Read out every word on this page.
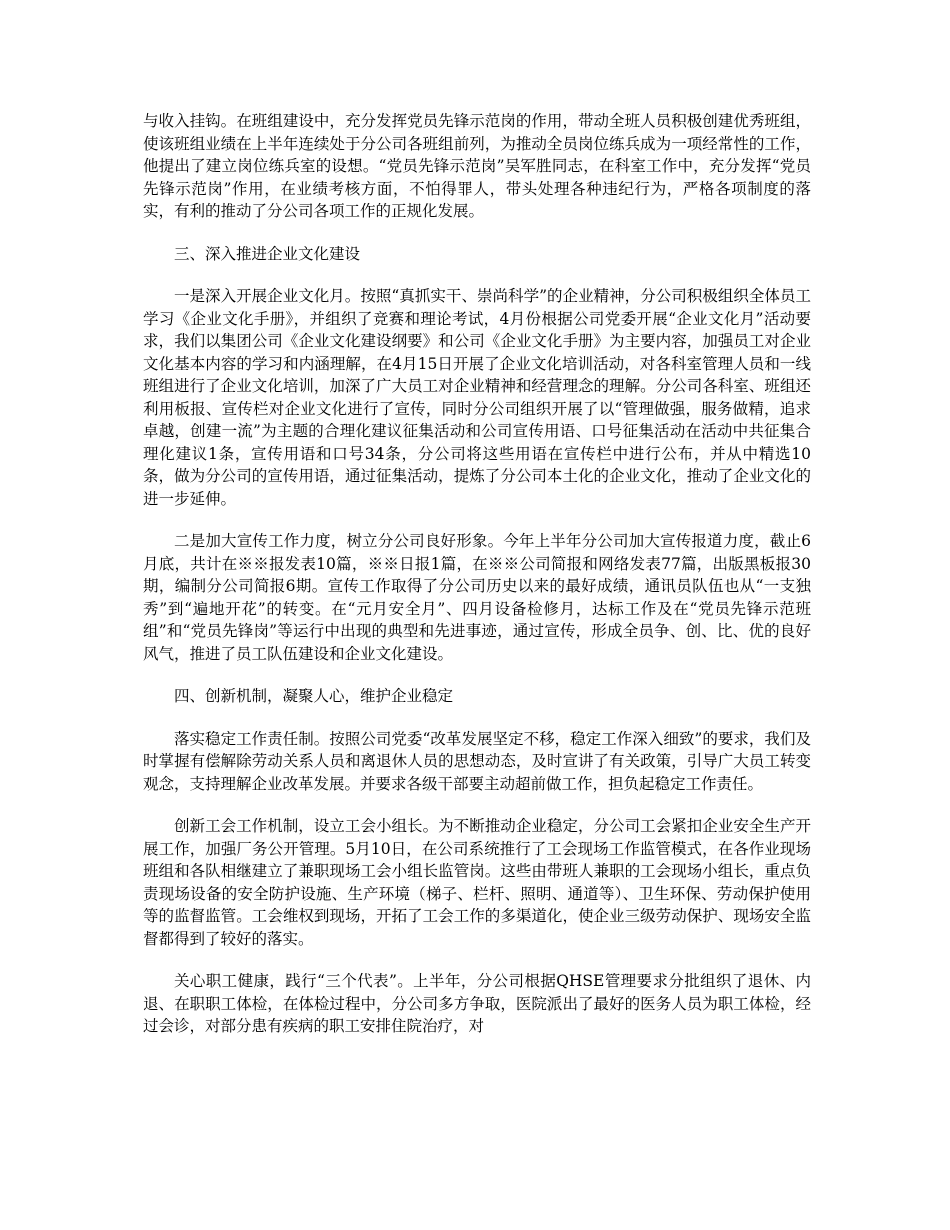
与收入挂钩。在班组建设中，充分发挥党员先锋示范岗的作用，带动全班人员积极创建优秀班组，使该班组业绩在上半年连续处于分公司各班组前列，为推动全员岗位练兵成为一项经常性的工作，他提出了建立岗位练兵室的设想。“党员先锋示范岗”吴军胜同志，在科室工作中，充分发挥“党员先锋示范岗”作用，在业绩考核方面，不怕得罪人，带头处理各种违纪行为，严格各项制度的落实，有利的推动了分公司各项工作的正规化发展。

三、深入推进企业文化建设

一是深入开展企业文化月。按照“真抓实干、崇尚科学”的企业精神，分公司积极组织全体员工学习《企业文化手册》，并组织了竞赛和理论考试，4月份根据公司党委开展“企业文化月”活动要求，我们以集团公司《企业文化建设纲要》和公司《企业文化手册》为主要内容，加强员工对企业文化基本内容的学习和内涵理解，在4月15日开展了企业文化培训活动，对各科室管理人员和一线班组进行了企业文化培训，加深了广大员工对企业精神和经营理念的理解。分公司各科室、班组还利用板报、宣传栏对企业文化进行了宣传，同时分公司组织开展了以“管理做强，服务做精，追求卓越，创建一流”为主题的合理化建议征集活动和公司宣传用语、口号征集活动在活动中共征集合理化建议1条，宣传用语和口号34条，分公司将这些用语在宣传栏中进行公布，并从中精选10条，做为分公司的宣传用语，通过征集活动，提炼了分公司本土化的企业文化，推动了企业文化的进一步延伸。

二是加大宣传工作力度，树立分公司良好形象。今年上半年分公司加大宣传报道力度，截止6月底，共计在※※报发表10篇，※※日报1篇，在※※公司简报和网络发表77篇，出版黑板报30期，编制分公司简报6期。宣传工作取得了分公司历史以来的最好成绩，通讯员队伍也从“一支独秀”到“遍地开花”的转变。在“元月安全月”、四月设备检修月，达标工作及在“党员先锋示范班组”和“党员先锋岗”等运行中出现的典型和先进事迹，通过宣传，形成全员争、创、比、优的良好风气，推进了员工队伍建设和企业文化建设。

四、创新机制，凝聚人心，维护企业稳定

落实稳定工作责任制。按照公司党委“改革发展坚定不移，稳定工作深入细致”的要求，我们及时掌握有偿解除劳动关系人员和离退休人员的思想动态，及时宣讲了有关政策，引导广大员工转变观念，支持理解企业改革发展。并要求各级干部要主动超前做工作，担负起稳定工作责任。

创新工会工作机制，设立工会小组长。为不断推动企业稳定，分公司工会紧扣企业安全生产开展工作，加强厂务公开管理。5月10日，在公司系统推行了工会现场工作监管模式，在各作业现场班组和各队相继建立了兼职现场工会小组长监管岗。这些由带班人兼职的工会现场小组长，重点负责现场设备的安全防护设施、生产环境（梯子、栏杆、照明、通道等）、卫生环保、劳动保护使用等的监督监管。工会维权到现场，开拓了工会工作的多渠道化，使企业三级劳动保护、现场安全监督都得到了较好的落实。

关心职工健康，践行“三个代表”。上半年，分公司根据QHSE管理要求分批组织了退休、内退、在职职工体检，在体检过程中，分公司多方争取，医院派出了最好的医务人员为职工体检，经过会诊，对部分患有疾病的职工安排住院治疗，对
